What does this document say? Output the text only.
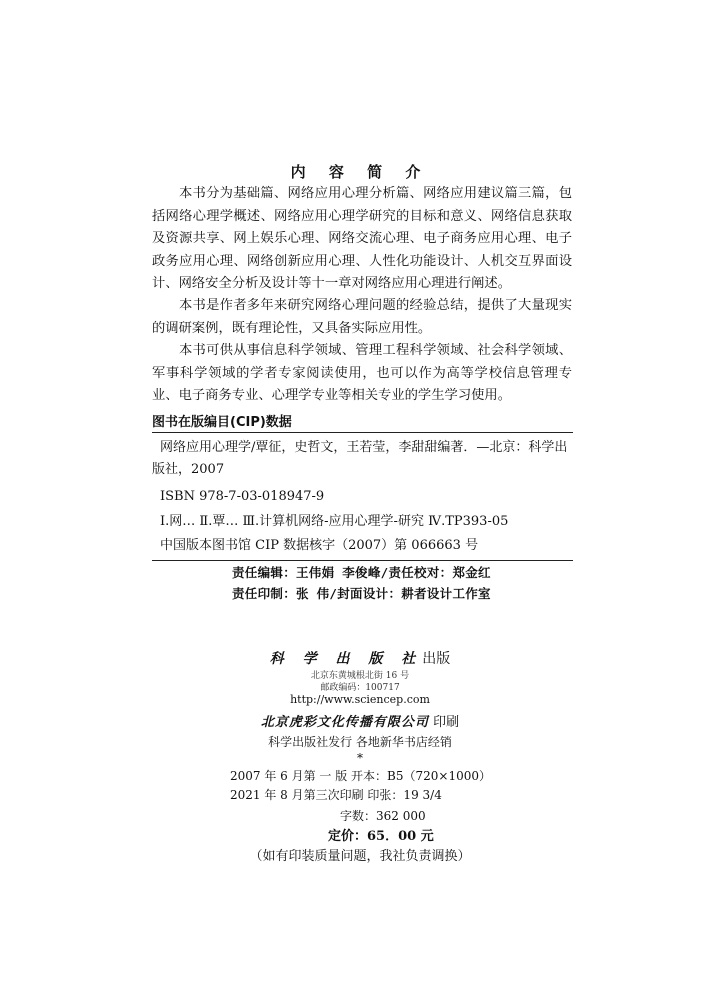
内 容 简 介

本书分为基础篇、网络应用心理分析篇、网络应用建议篇三篇，包括网络心理学概述、网络应用心理学研究的目标和意义、网络信息获取及资源共享、网上娱乐心理、网络交流心理、电子商务应用心理、电子政务应用心理、网络创新应用心理、人性化功能设计、人机交互界面设计、网络安全分析及设计等十一章对网络应用心理进行阐述。

本书是作者多年来研究网络心理问题的经验总结，提供了大量现实的调研案例，既有理论性，又具备实际应用性。

本书可供从事信息科学领域、管理工程科学领域、社会科学领域、军事科学领域的学者专家阅读使用，也可以作为高等学校信息管理专业、电子商务专业、心理学专业等相关专业的学生学习使用。

图书在版编目(CIP)数据

网络应用心理学/覃征，史哲文，王若莹，李甜甜编著．—北京：科学出版社，2007

ISBN 978-7-03-018947-9

Ⅰ.网… Ⅱ.覃… Ⅲ.计算机网络-应用心理学-研究 Ⅳ.TP393-05

中国版本图书馆 CIP 数据核字（2007）第 066663 号

责任编辑：王伟娟 李俊峰/责任校对：郑金红
责任印制：张 伟/封面设计：耕者设计工作室
科 学 出 版 社出版
北京东黄城根北街 16 号
邮政编码：100717
http://www.sciencep.com
北京虎彩文化传播有限公司 印刷
科学出版社发行 各地新华书店经销
*
2007 年 6 月第 一 版 开本：B5（720×1000）
2021 年 8 月第三次印刷 印张：19 3/4
字数：362 000
定价：65．00 元
（如有印装质量问题，我社负责调换）
